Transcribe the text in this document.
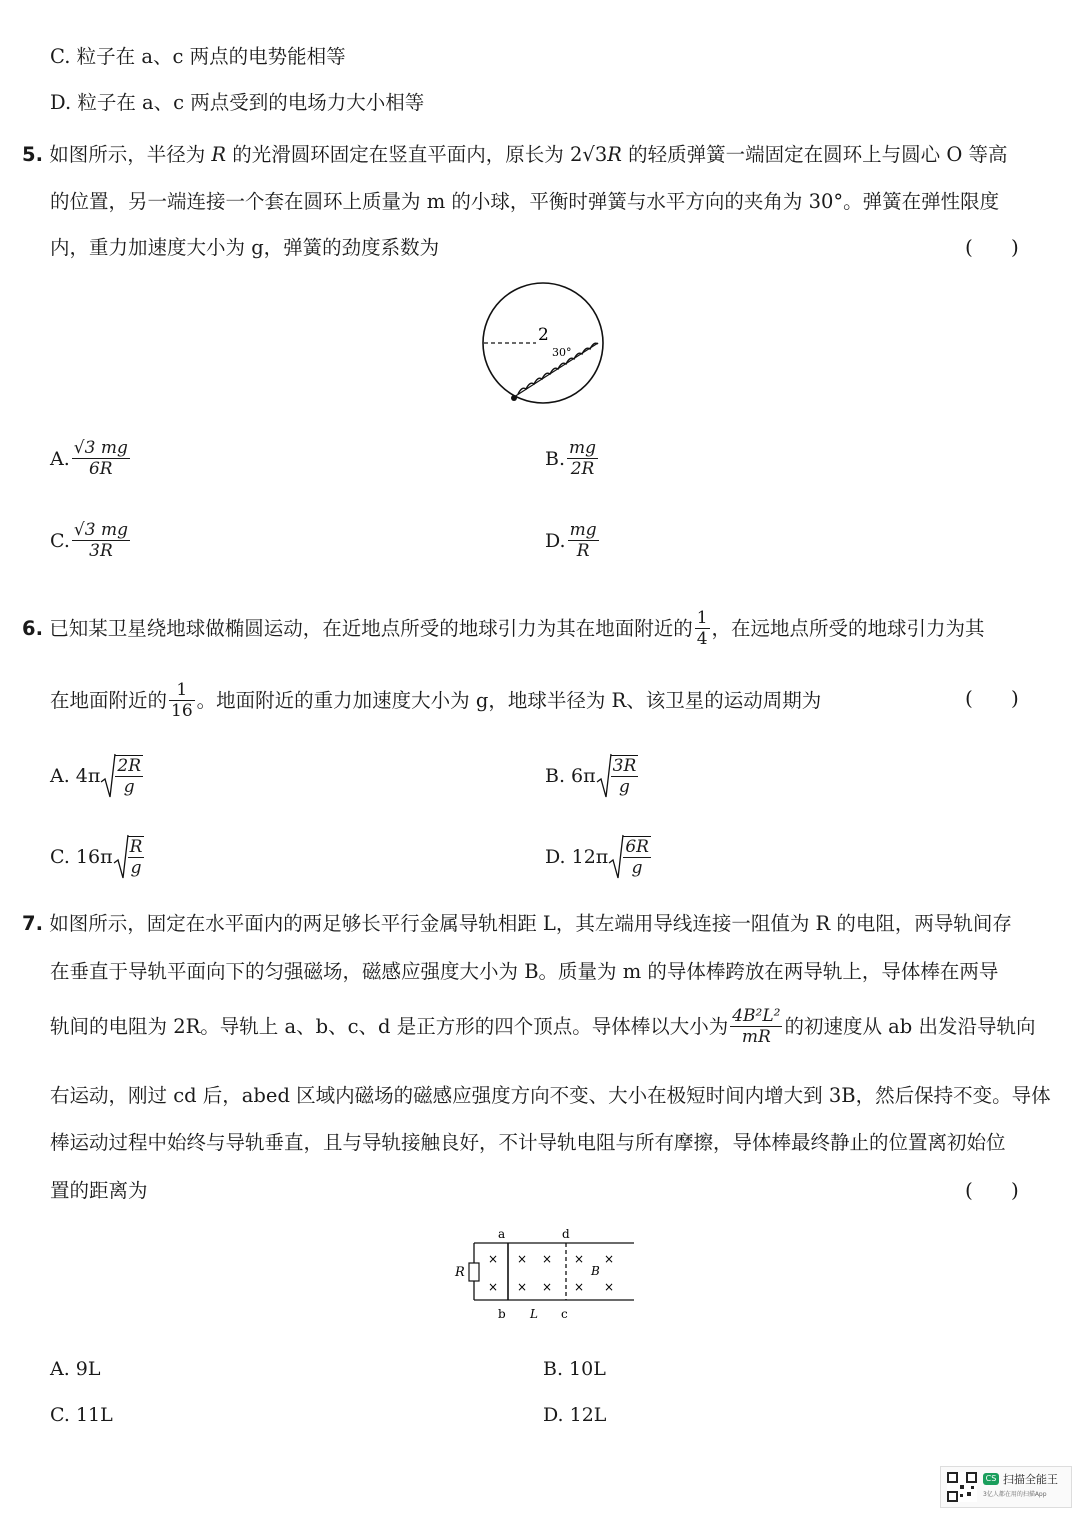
C. 粒子在 a、c 两点的电势能相等
D. 粒子在 a、c 两点受到的电场力大小相等
5. 如图所示，半径为 R 的光滑圆环固定在竖直平面内，原长为 2√3R 的轻质弹簧一端固定在圆环上与圆心 O 等高
的位置，另一端连接一个套在圆环上质量为 m 的小球，平衡时弹簧与水平方向的夹角为 30°。弹簧在弹性限度
内，重力加速度大小为 g，弹簧的劲度系数为	(      )
2
30°
A. $\frac{√3 mg}{6R}$	B. $\frac{mg}{2R}$
C. $\frac{√3 mg}{3R}$	D. $\frac{mg}{R}$
6.
已知某卫星绕地球做椭圆运动，在近地点所受的地球引力为其在地面附近的 $\frac{1}{4}$ ，在远地点所受的地球引力为其
在地面附近的 $\frac{1}{16}$ 。地面附近的重力加速度大小为 g，地球半径为 R、该卫星的运动周期为	(      )
A. $4\pi \frac{2R}{g}$	B. $6\pi \frac{3R}{g}$
C. $16\pi \frac{R}{g}$	D. $12\pi \frac{6R}{g}$
7. 如图所示，固定在水平面内的两足够长平行金属导轨相距 L，其左端用导线连接一阻值为 R 的电阻，两导轨间存
在垂直于导轨平面向下的匀强磁场，磁感应强度大小为 B。质量为 m 的导体棒跨放在两导轨上，导体棒在两导
轨间的电阻为 2R。导轨上 a、b、c、d 是正方形的四个顶点。导体棒以大小为 $\frac{\text{4B²L²}}{mR}$ 的初速度从 ab 出发沿导轨向
右运动，刚过 cd 后，abed 区域内磁场的磁感应强度方向不变、大小在极短时间内增大到 3B，然后保持不变。导体
棒运动过程中始终与导轨垂直，且与导轨接触良好，不计导轨电阻与所有摩擦，导体棒最终静止的位置离初始位
置的距离为	(      )
R
a	d
b	c
L
B
×
×
×
×
×
×
×
×
×
×
A. 9L	B. 10L
C. 11L	D. 12L
CS 扫描全能王
3亿人都在用的扫描App
